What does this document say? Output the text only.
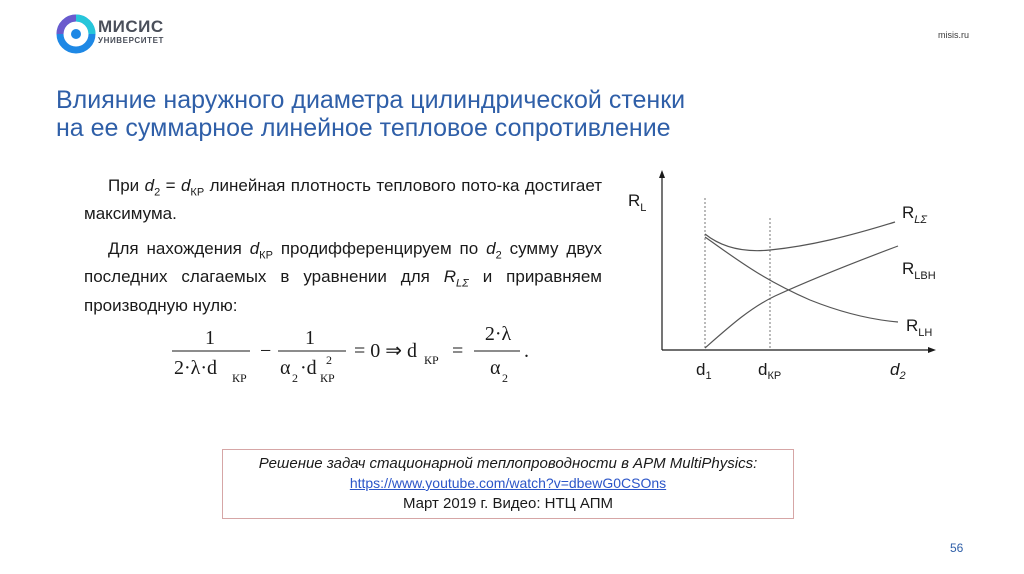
МИСИС
УНИВЕРСИТЕТ
misis.ru
Влияние наружного диаметра цилиндрической стенки
на ее суммарное линейное тепловое сопротивление
При $d_2 = d_{КР}$ линейная плотность теплового пото-ка достигает максимума.
Для нахождения $d_{КР}$ продифференцируем по $d_2$ сумму двух последних слагаемых в уравнении для $R_{L\Sigma}$ и приравняем производную нулю:
1
2·λ·d КР
−
1
α 2 ·d 2
КР
= 0 ⇒ d КР =
2·λ
α 2
.
$R_L$	$R_{L\Sigma}$
$R_{LВН}$
$R_{LН}$
$d_1$	$d_{КР}$	$d_2$
Решение задач стационарной теплопроводности в APM MultiPhysics:
https://www.youtube.com/watch?v=dbewG0CSOns
Март 2019 г. Видео: НТЦ АПМ
56
